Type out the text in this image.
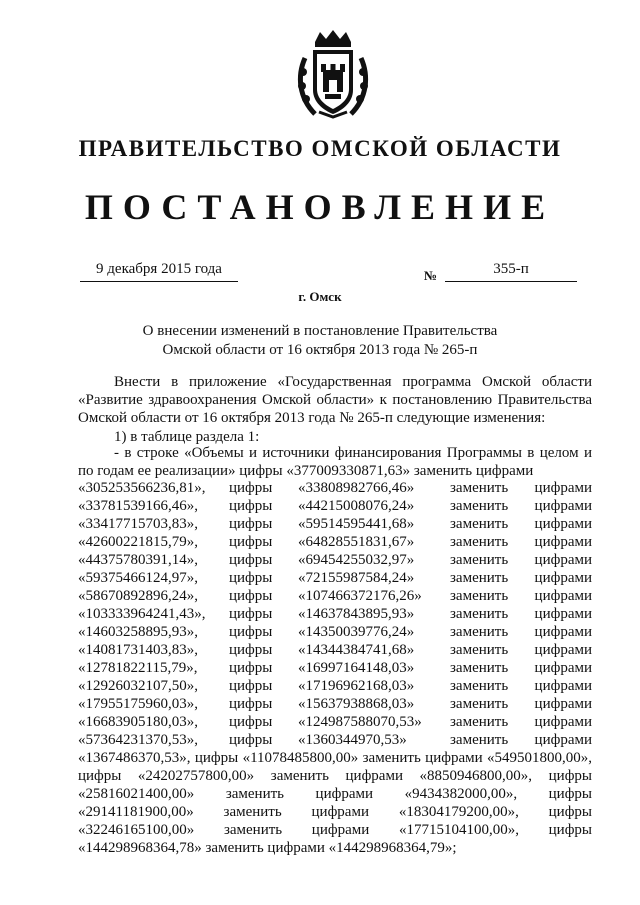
ПРАВИТЕЛЬСТВО ОМСКОЙ ОБЛАСТИ
ПОСТАНОВЛЕНИЕ
9 декабря 2015 года	№	355-п
г. Омск
О внесении изменений в постановление Правительства
Омской области от 16 октября 2013 года № 265-п
Внести в приложение «Государственная программа Омской области «Развитие здравоохранения Омской области» к постановлению Правительства Омской области от 16 октября 2013 года № 265-п следующие изменения:
1) в таблице раздела 1:
- в строке «Объемы и источники финансирования Программы в целом и по годам ее реализации» цифры «377009330871,63» заменить цифрами
«305253566236,81», цифры «33808982766,46» заменить цифрами
«33781539166,46», цифры «44215008076,24» заменить цифрами
«33417715703,83», цифры «59514595441,68» заменить цифрами
«42600221815,79», цифры «64828551831,67» заменить цифрами
«44375780391,14», цифры «69454255032,97» заменить цифрами
«59375466124,97», цифры «72155987584,24» заменить цифрами
«58670892896,24», цифры «107466372176,26» заменить цифрами
«103333964241,43», цифры «14637843895,93» заменить цифрами
«14603258895,93», цифры «14350039776,24» заменить цифрами
«14081731403,83», цифры «14344384741,68» заменить цифрами
«12781822115,79», цифры «16997164148,03» заменить цифрами
«12926032107,50», цифры «17196962168,03» заменить цифрами
«17955175960,03», цифры «15637938868,03» заменить цифрами
«16683905180,03», цифры «124987588070,53» заменить цифрами
«57364231370,53», цифры «1360344970,53»	заменить цифрами
«1367486370,53», цифры «11078485800,00» заменить цифрами «549501800,00»,
цифры «24202757800,00» заменить цифрами «8850946800,00», цифры
«25816021400,00» заменить цифрами «9434382000,00», цифры
«29141181900,00» заменить цифрами «18304179200,00», цифры
«32246165100,00» заменить цифрами «17715104100,00», цифры
«144298968364,78» заменить цифрами «144298968364,79»;
